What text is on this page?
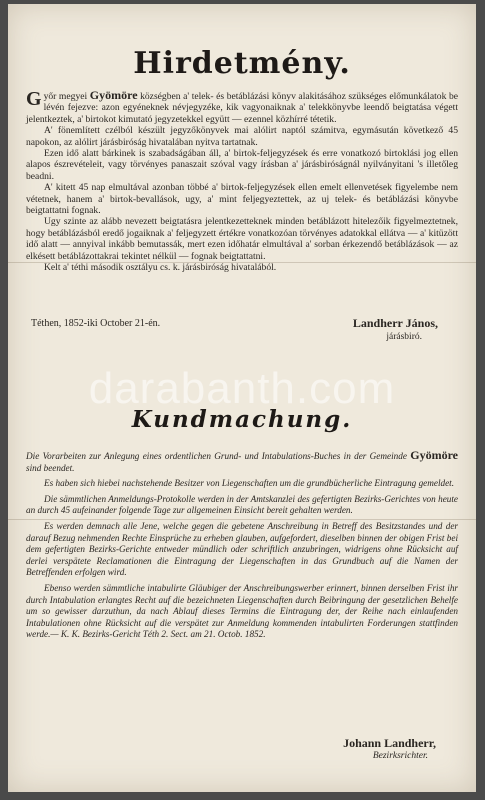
Hirdetmény.

Győr megyei Gyömöre községben a' telek- és betáblázási könyv alakitásához szükséges előmunkálatok be lévén fejezve: azon egyéneknek névjegyzéke, kik vagyonaiknak a' telekkönyvbe leendő beigtatása végett jelentkeztek, a' birtokot kimutató jegyzetekkel együtt — ezennel közhírré tétetik.

A' fönemlített czélból készült jegyzőkönyvek mai alólirt naptól számitva, egymásután következő 45 napokon, az alólirt járásbiróság hivatalában nyitva tartatnak.

Ezen idő alatt bárkinek is szabadságában áll, a' birtok-feljegyzések és erre vonatkozó birtoklási jog ellen alapos észrevételeit, vagy törvényes panaszait szóval vagy írásban a' járásbiróságnál nyilványitani 's illetőleg beadni.

A' kitett 45 nap elmultával azonban többé a' birtok-feljegyzések ellen emelt ellenvetések figyelembe nem vétetnek, hanem a' birtok-bevallások, ugy, a' mint feljegyeztettek, az uj telek- és betáblázási könyvbe beigtattatni fognak.

Ugy szinte az alább nevezett beigtatásra jelentkezetteknek minden betáblázott hitelezőik figyelmeztetnek, hogy betáblázásból eredő jogaiknak a' feljegyzett értékre vonatkozóan törvényes adatokkal ellátva — a' kitüzött idő alatt — annyival inkább bemutassák, mert ezen időhatár elmultával a' sorban érkezendő betáblázások — az elkésett betáblázottakrai tekintet nélkül — fognak beigtattatni.

Kelt a' téthi második osztályu cs. k. járásbiróság hivatalából.

Téthen, 1852-iki October 21-én.	Landherr János,
járásbiró.
darabanth.com
Kundmachung.

Die Vorarbeiten zur Anlegung eines ordentlichen Grund- und Intabulations-Buches in der Gemeinde Gyömöre sind beendet.

Es haben sich hiebei nachstehende Besitzer von Liegenschaften um die grundbücherliche Eintragung gemeldet.

Die sämmtlichen Anmeldungs-Protokolle werden in der Amtskanzlei des gefertigten Bezirks-Gerichtes von heute an durch 45 aufeinander folgende Tage zur allgemeinen Einsicht bereit gehalten werden.

Es werden demnach alle Jene, welche gegen die gebetene Anschreibung in Betreff des Besitzstandes und der darauf Bezug nehmenden Rechte Einsprüche zu erheben glauben, aufgefordert, dieselben binnen der obigen Frist bei dem gefertigten Bezirks-Gerichte entweder mündlich oder schriftlich anzubringen, widrigens ohne Rücksicht auf derlei verspätete Reclamationen die Eintragung der Liegenschaften in das Grundbuch auf die Namen der Betreffenden erfolgen wird.

Ebenso werden sämmtliche intabulirte Gläubiger der Anschreibungswerber erinnert, binnen derselben Frist ihr durch Intabulation erlangtes Recht auf die bezeichneten Liegenschaften durch Beibringung der gesetzlichen Behelfe um so gewisser darzuthun, da nach Ablauf dieses Termins die Eintragung der, der Reihe nach einlaufenden Intabulationen ohne Rücksicht auf die verspätet zur Anmeldung kommenden intabulirten Forderungen stattfinden werde.— K. K. Bezirks-Gericht Téth 2. Sect. am 21. Octob. 1852.

Johann Landherr,
Bezirksrichter.
